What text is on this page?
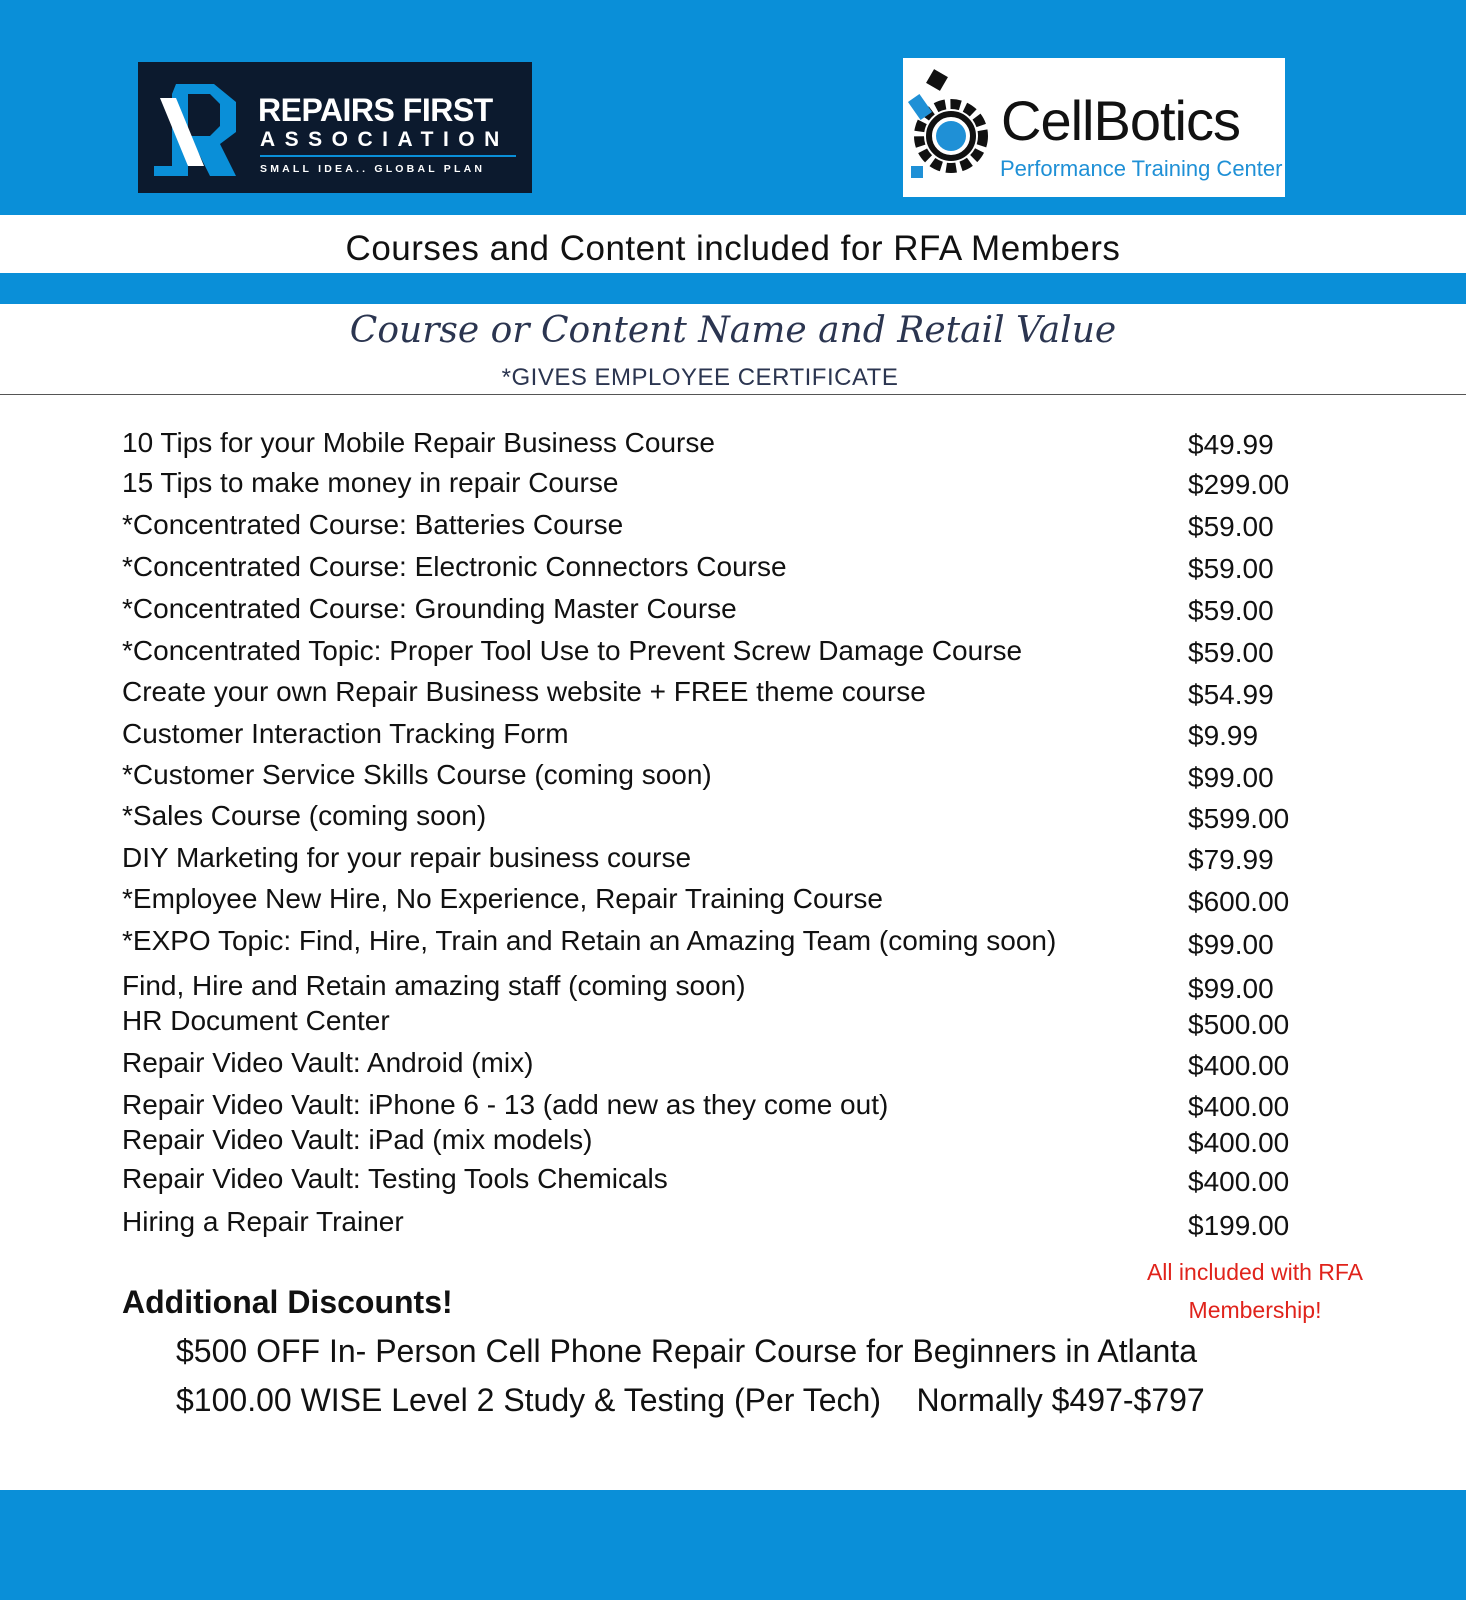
REPAIRS FIRST
ASSOCIATION
SMALL IDEA.. GLOBAL PLAN
CellBotics
Performance Training Center
Courses and Content included for RFA Members
Course or Content Name and Retail Value
*GIVES EMPLOYEE CERTIFICATE
10 Tips for your Mobile Repair Business Course	$49.99
15 Tips to make money in repair Course	$299.00
*Concentrated Course: Batteries Course	$59.00
*Concentrated Course: Electronic Connectors Course	$59.00
*Concentrated Course: Grounding Master Course	$59.00
*Concentrated Topic: Proper Tool Use to Prevent Screw Damage Course	$59.00
Create your own Repair Business website + FREE theme course	$54.99
Customer Interaction Tracking Form	$9.99
*Customer Service Skills Course (coming soon)	$99.00
*Sales Course (coming soon)	$599.00
DIY Marketing for your repair business course	$79.99
*Employee New Hire, No Experience, Repair Training Course	$600.00
*EXPO Topic: Find, Hire, Train and Retain an Amazing Team (coming soon)	$99.00
Find, Hire and Retain amazing staff (coming soon)	$99.00
HR Document Center	$500.00
Repair Video Vault: Android (mix)	$400.00
Repair Video Vault: iPhone 6 - 13 (add new as they come out)	$400.00
Repair Video Vault: iPad (mix models)	$400.00
Repair Video Vault: Testing Tools Chemicals	$400.00
Hiring a Repair Trainer	$199.00
All included with RFA
Membership!
Additional Discounts!
$500 OFF In- Person Cell Phone Repair Course for Beginners in Atlanta
$100.00 WISE Level 2 Study & Testing (Per Tech)    Normally $497-$797
